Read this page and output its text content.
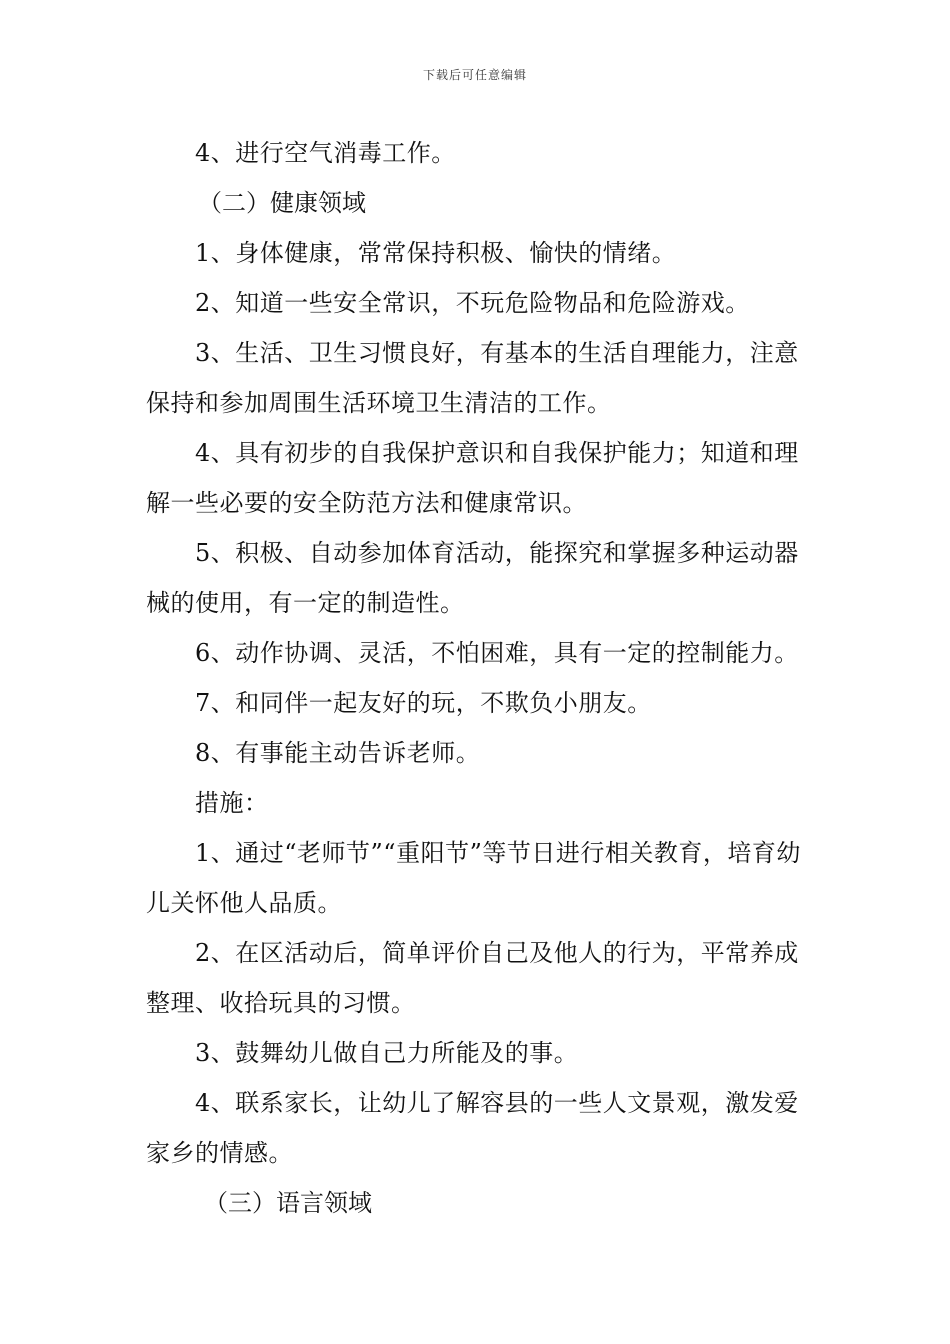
下载后可任意编辑

4、进行空气消毒工作。

（二）健康领域

1、身体健康，常常保持积极、愉快的情绪。

2、知道一些安全常识，不玩危险物品和危险游戏。

3、生活、卫生习惯良好，有基本的生活自理能力，注意保持和参加周围生活环境卫生清洁的工作。

4、具有初步的自我保护意识和自我保护能力；知道和理解一些必要的安全防范方法和健康常识。

5、积极、自动参加体育活动，能探究和掌握多种运动器械的使用，有一定的制造性。

6、动作协调、灵活，不怕困难，具有一定的控制能力。

7、和同伴一起友好的玩，不欺负小朋友。

8、有事能主动告诉老师。

措施：

1、通过“老师节”“重阳节”等节日进行相关教育，培育幼儿关怀他人品质。

2、在区活动后，简单评价自己及他人的行为，平常养成整理、收拾玩具的习惯。

3、鼓舞幼儿做自己力所能及的事。

4、联系家长，让幼儿了解容县的一些人文景观，激发爱家乡的情感。

（三）语言领域
